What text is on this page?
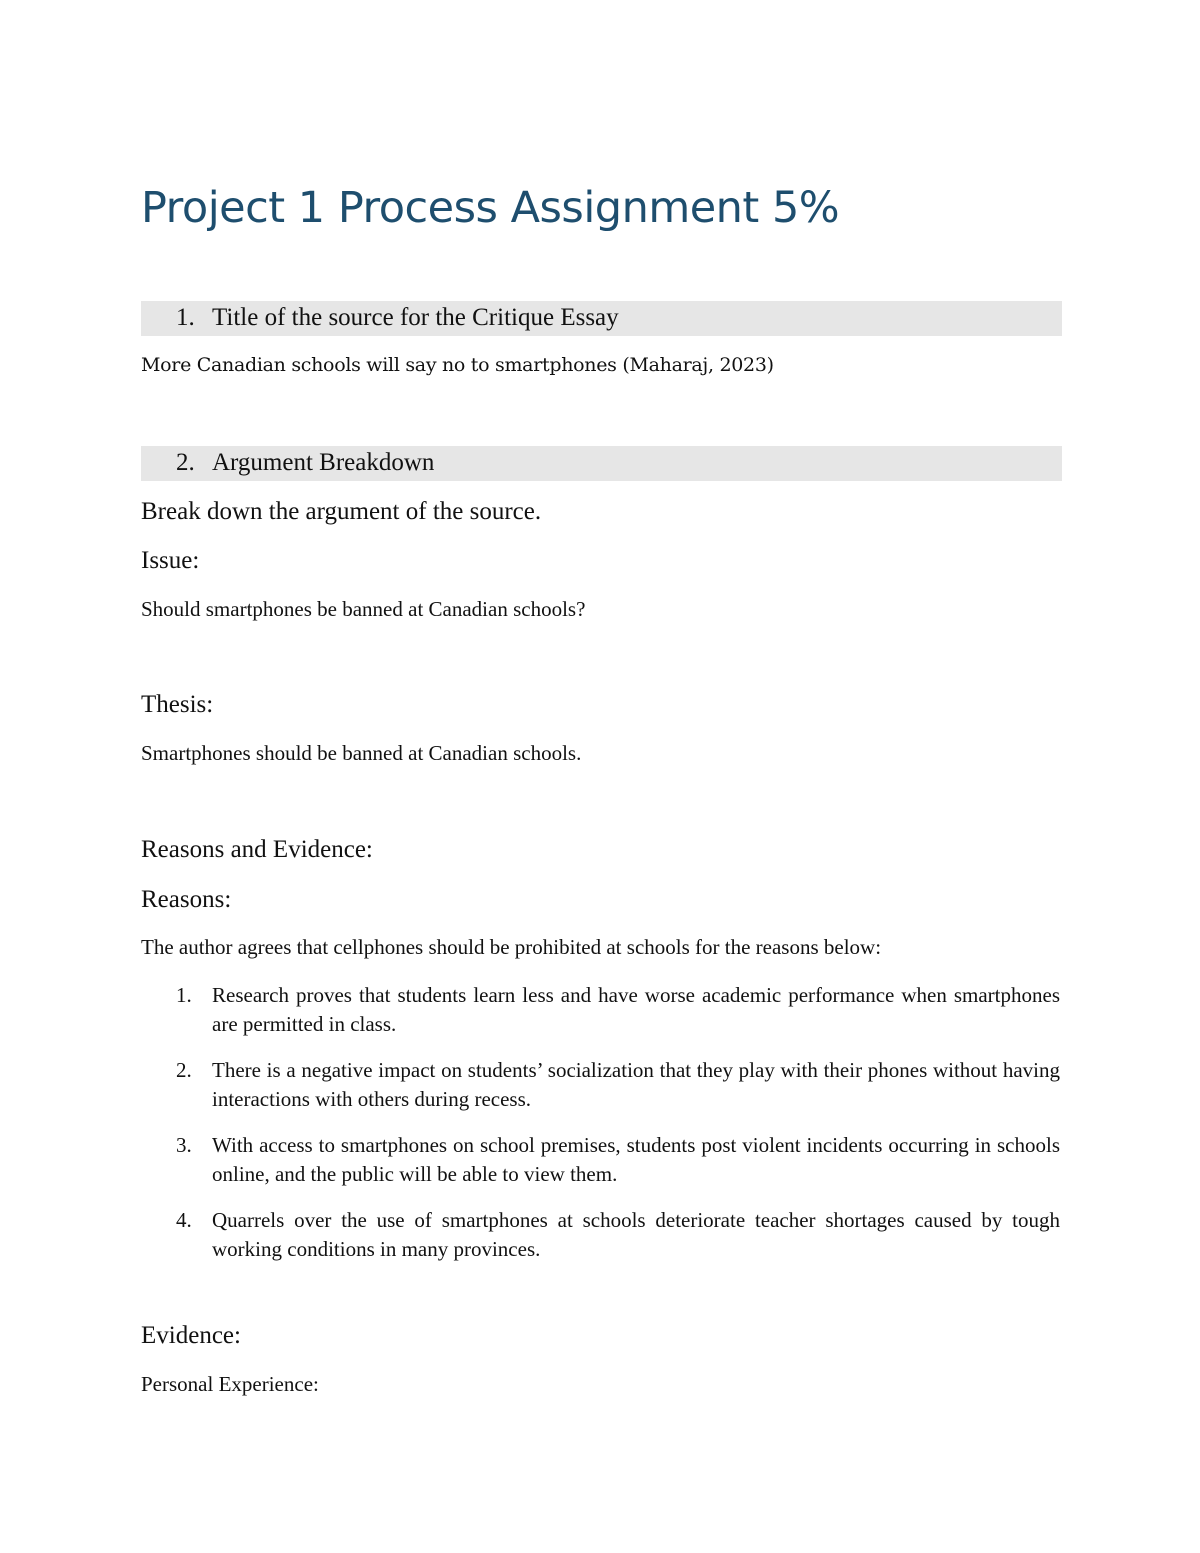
Project 1 Process Assignment 5%
1. Title of the source for the Critique Essay
More Canadian schools will say no to smartphones (Maharaj, 2023)
2. Argument Breakdown
Break down the argument of the source.
Issue:
Should smartphones be banned at Canadian schools?
Thesis:
Smartphones should be banned at Canadian schools.
Reasons and Evidence:
Reasons:
The author agrees that cellphones should be prohibited at schools for the reasons below:
1. Research proves that students learn less and have worse academic performance when smartphones are permitted in class.
2. There is a negative impact on students’ socialization that they play with their phones without having interactions with others during recess.
3. With access to smartphones on school premises, students post violent incidents occurring in schools online, and the public will be able to view them.
4. Quarrels over the use of smartphones at schools deteriorate teacher shortages caused by tough working conditions in many provinces.
Evidence:
Personal Experience:
